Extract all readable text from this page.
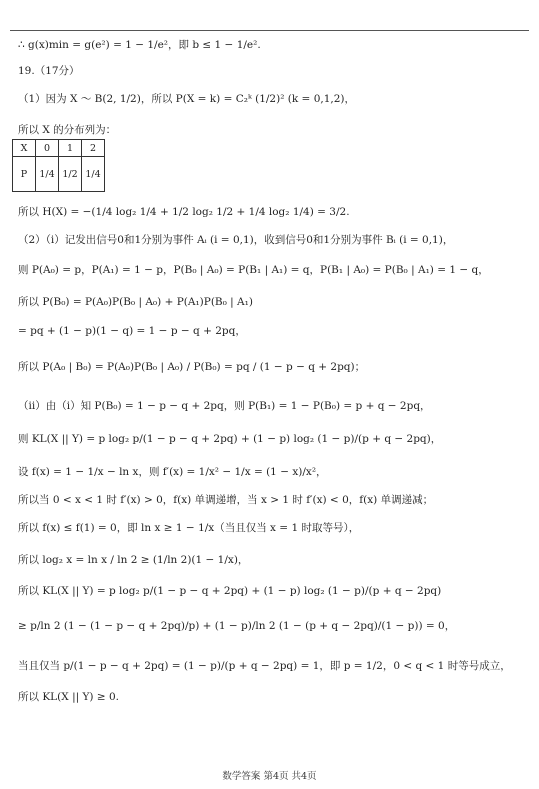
∴ g(x)min = g(e²) = 1 − 1/e²，即 b ≤ 1 − 1/e².
19.（17分）
（1）因为 X ～ B(2, 1/2)，所以 P(X = k) = C₂ᵏ (1/2)² (k = 0,1,2)，
所以 X 的分布列为：
X	0	1	2
P	1/4	1/2	1/4
所以 H(X) = −(1/4 log₂ 1/4 + 1/2 log₂ 1/2 + 1/4 log₂ 1/4) = 3/2.
（2）（i）记发出信号0和1分别为事件 Aᵢ (i = 0,1)，收到信号0和1分别为事件 Bᵢ (i = 0,1)，
则 P(A₀) = p，P(A₁) = 1 − p，P(B₀ | A₀) = P(B₁ | A₁) = q，P(B₁ | A₀) = P(B₀ | A₁) = 1 − q，
所以 P(B₀) = P(A₀)P(B₀ | A₀) + P(A₁)P(B₀ | A₁)
= pq + (1 − p)(1 − q) = 1 − p − q + 2pq，
所以 P(A₀ | B₀) = P(A₀)P(B₀ | A₀) / P(B₀) = pq / (1 − p − q + 2pq)；
（ii）由（i）知 P(B₀) = 1 − p − q + 2pq，则 P(B₁) = 1 − P(B₀) = p + q − 2pq，
则 KL(X || Y) = p log₂ p/(1 − p − q + 2pq) + (1 − p) log₂ (1 − p)/(p + q − 2pq)，
设 f(x) = 1 − 1/x − ln x，则 f′(x) = 1/x² − 1/x = (1 − x)/x²，
所以当 0 < x < 1 时 f′(x) > 0，f(x) 单调递增，当 x > 1 时 f′(x) < 0，f(x) 单调递减；
所以 f(x) ≤ f(1) = 0，即 ln x ≥ 1 − 1/x（当且仅当 x = 1 时取等号），
所以 log₂ x = ln x / ln 2 ≥ (1/ln 2)(1 − 1/x)，
所以 KL(X || Y) = p log₂ p/(1 − p − q + 2pq) + (1 − p) log₂ (1 − p)/(p + q − 2pq)
≥ p/ln 2 (1 − (1 − p − q + 2pq)/p) + (1 − p)/ln 2 (1 − (p + q − 2pq)/(1 − p)) = 0，
当且仅当 p/(1 − p − q + 2pq) = (1 − p)/(p + q − 2pq) = 1，即 p = 1/2，0 < q < 1 时等号成立，
所以 KL(X || Y) ≥ 0.
数学答案 第4页 共4页
